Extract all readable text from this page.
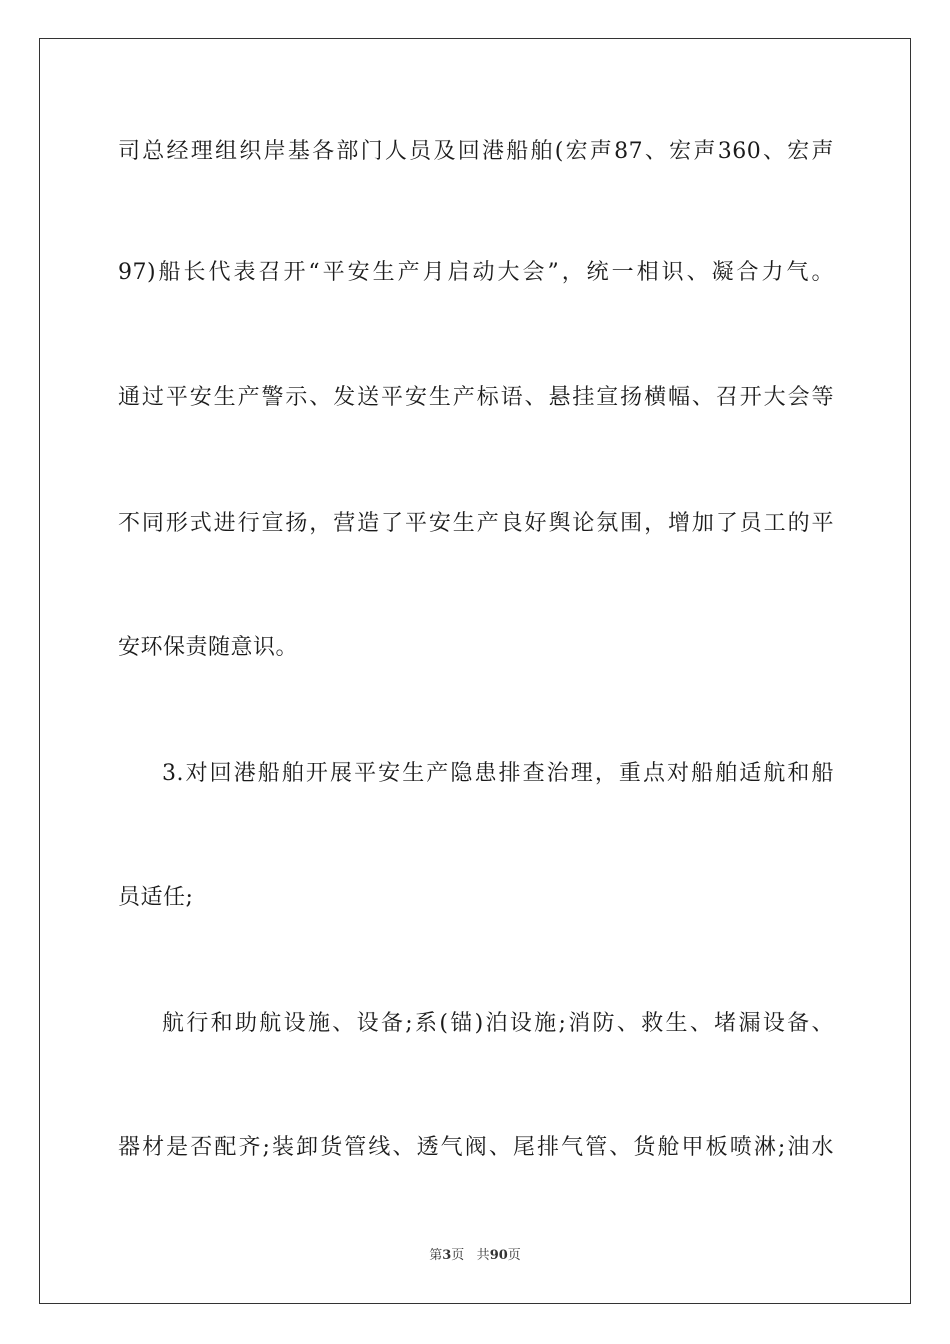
司总经理组织岸基各部门人员及回港船舶(宏声87、宏声360、宏声
97)船长代表召开“平安生产月启动大会”，统一相识、凝合力气。
通过平安生产警示、发送平安生产标语、悬挂宣扬横幅、召开大会等
不同形式进行宣扬，营造了平安生产良好舆论氛围，增加了员工的平
安环保责随意识。
3.对回港船舶开展平安生产隐患排查治理，重点对船舶适航和船
员适任;
航行和助航设施、设备;系(锚)泊设施;消防、救生、堵漏设备、
器材是否配齐;装卸货管线、透气阀、尾排气管、货舱甲板喷淋;油水
第3页 共90页
